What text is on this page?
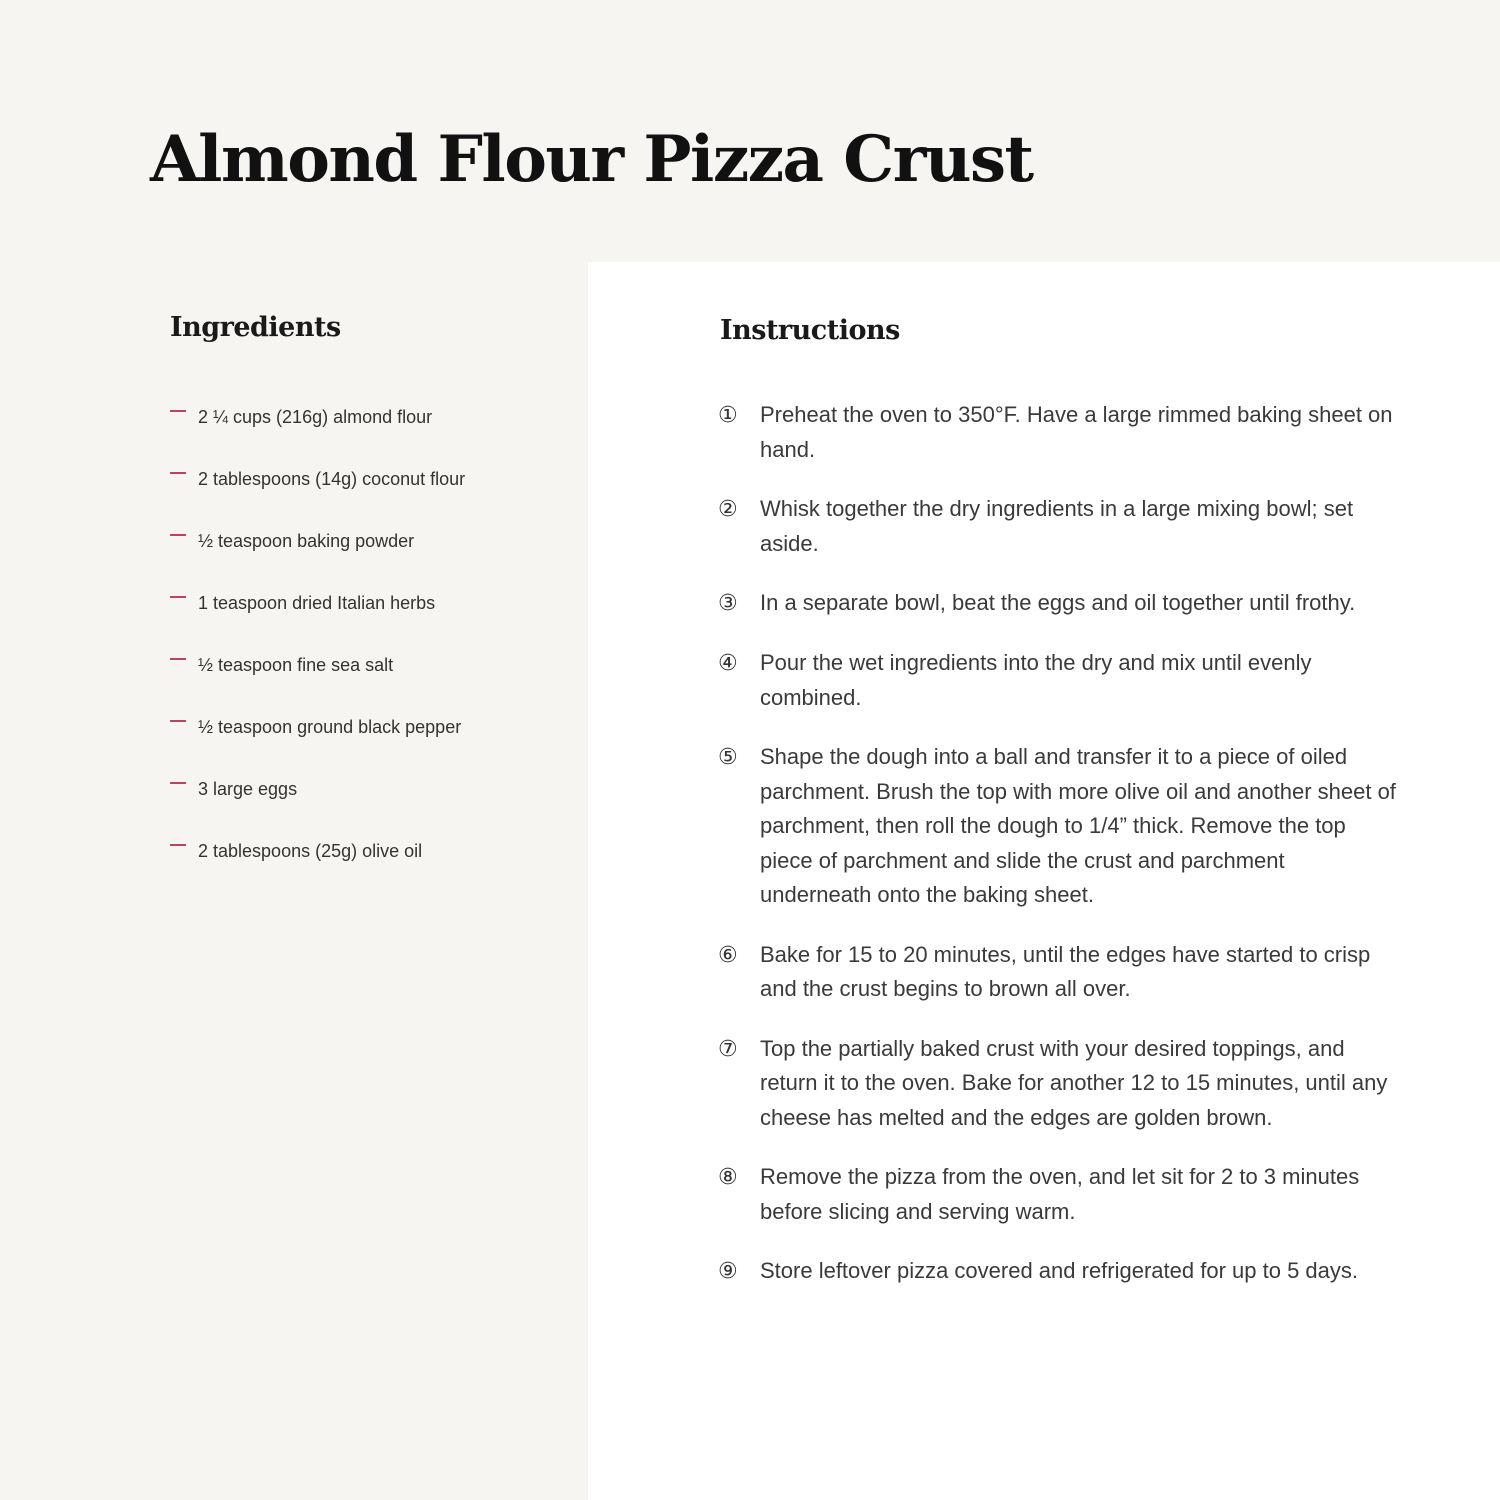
Almond Flour Pizza Crust
Ingredients
2 ¼ cups (216g) almond flour
2 tablespoons (14g) coconut flour
½ teaspoon baking powder
1 teaspoon dried Italian herbs
½ teaspoon fine sea salt
½ teaspoon ground black pepper
3 large eggs
2 tablespoons (25g) olive oil
Instructions
①	Preheat the oven to 350°F. Have a large rimmed baking sheet on hand.
②	Whisk together the dry ingredients in a large mixing bowl; set aside.
③	In a separate bowl, beat the eggs and oil together until frothy.
④	Pour the wet ingredients into the dry and mix until evenly combined.
⑤	Shape the dough into a ball and transfer it to a piece of oiled parchment. Brush the top with more olive oil and another sheet of parchment, then roll the dough to 1/4” thick. Remove the top piece of parchment and slide the crust and parchment underneath onto the baking sheet.
⑥	Bake for 15 to 20 minutes, until the edges have started to crisp and the crust begins to brown all over.
⑦	Top the partially baked crust with your desired toppings, and return it to the oven. Bake for another 12 to 15 minutes, until any cheese has melted and the edges are golden brown.
⑧	Remove the pizza from the oven, and let sit for 2 to 3 minutes before slicing and serving warm.
⑨	Store leftover pizza covered and refrigerated for up to 5 days.
